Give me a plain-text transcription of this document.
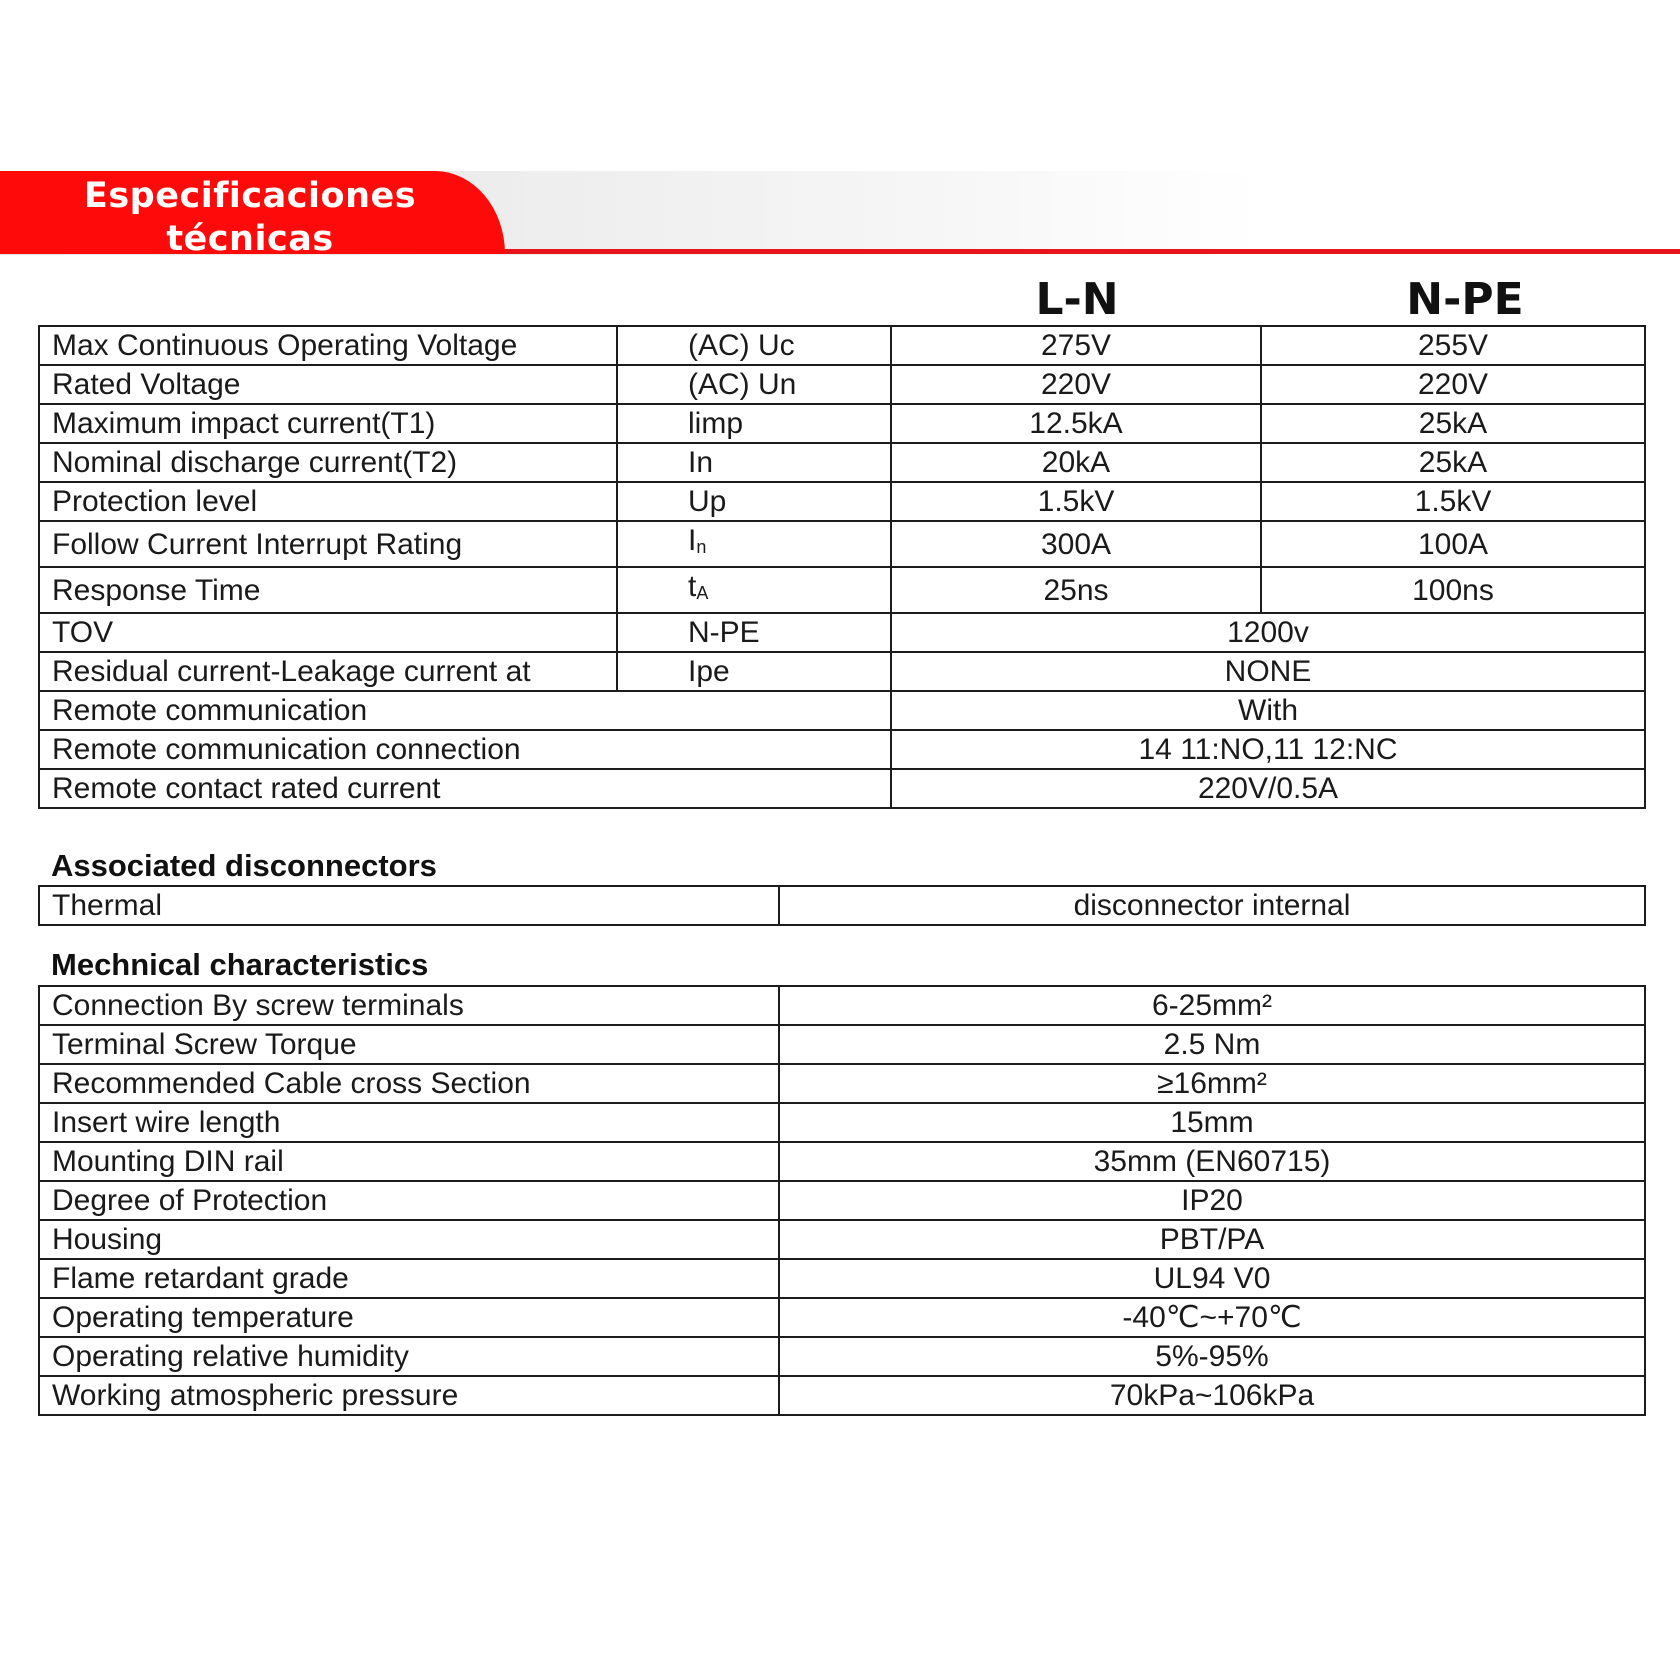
Especificaciones técnicas
L-N	N-PE
Max Continuous Operating Voltage	(AC) Uc	275V	255V
Rated Voltage	(AC) Un	220V	220V
Maximum impact current(T1)	limp	12.5kA	25kA
Nominal discharge current(T2)	In	20kA	25kA
Protection level	Up	1.5kV	1.5kV
Follow Current Interrupt Rating	$I_n$	300A	100A
Response Time	$t_A$	25ns	100ns
TOV	N-PE	1200v	
Residual current-Leakage current at	Ipe	NONE	
Remote communication		With	
Remote communication connection		14 11:NO,11 12:NC	
Remote contact rated current		220V/0.5A	
Associated disconnectors
Thermal	disconnector internal
Mechnical characteristics
Connection By screw terminals	6-25mm²
Terminal Screw Torque	2.5 Nm
Recommended Cable cross Section	≥16mm²
Insert wire length	15mm
Mounting DIN rail	35mm (EN60715)
Degree of Protection	IP20
Housing	PBT/PA
Flame retardant grade	UL94 V0
Operating temperature	-40℃~+70℃
Operating relative humidity	5%-95%
Working atmospheric pressure	70kPa~106kPa
